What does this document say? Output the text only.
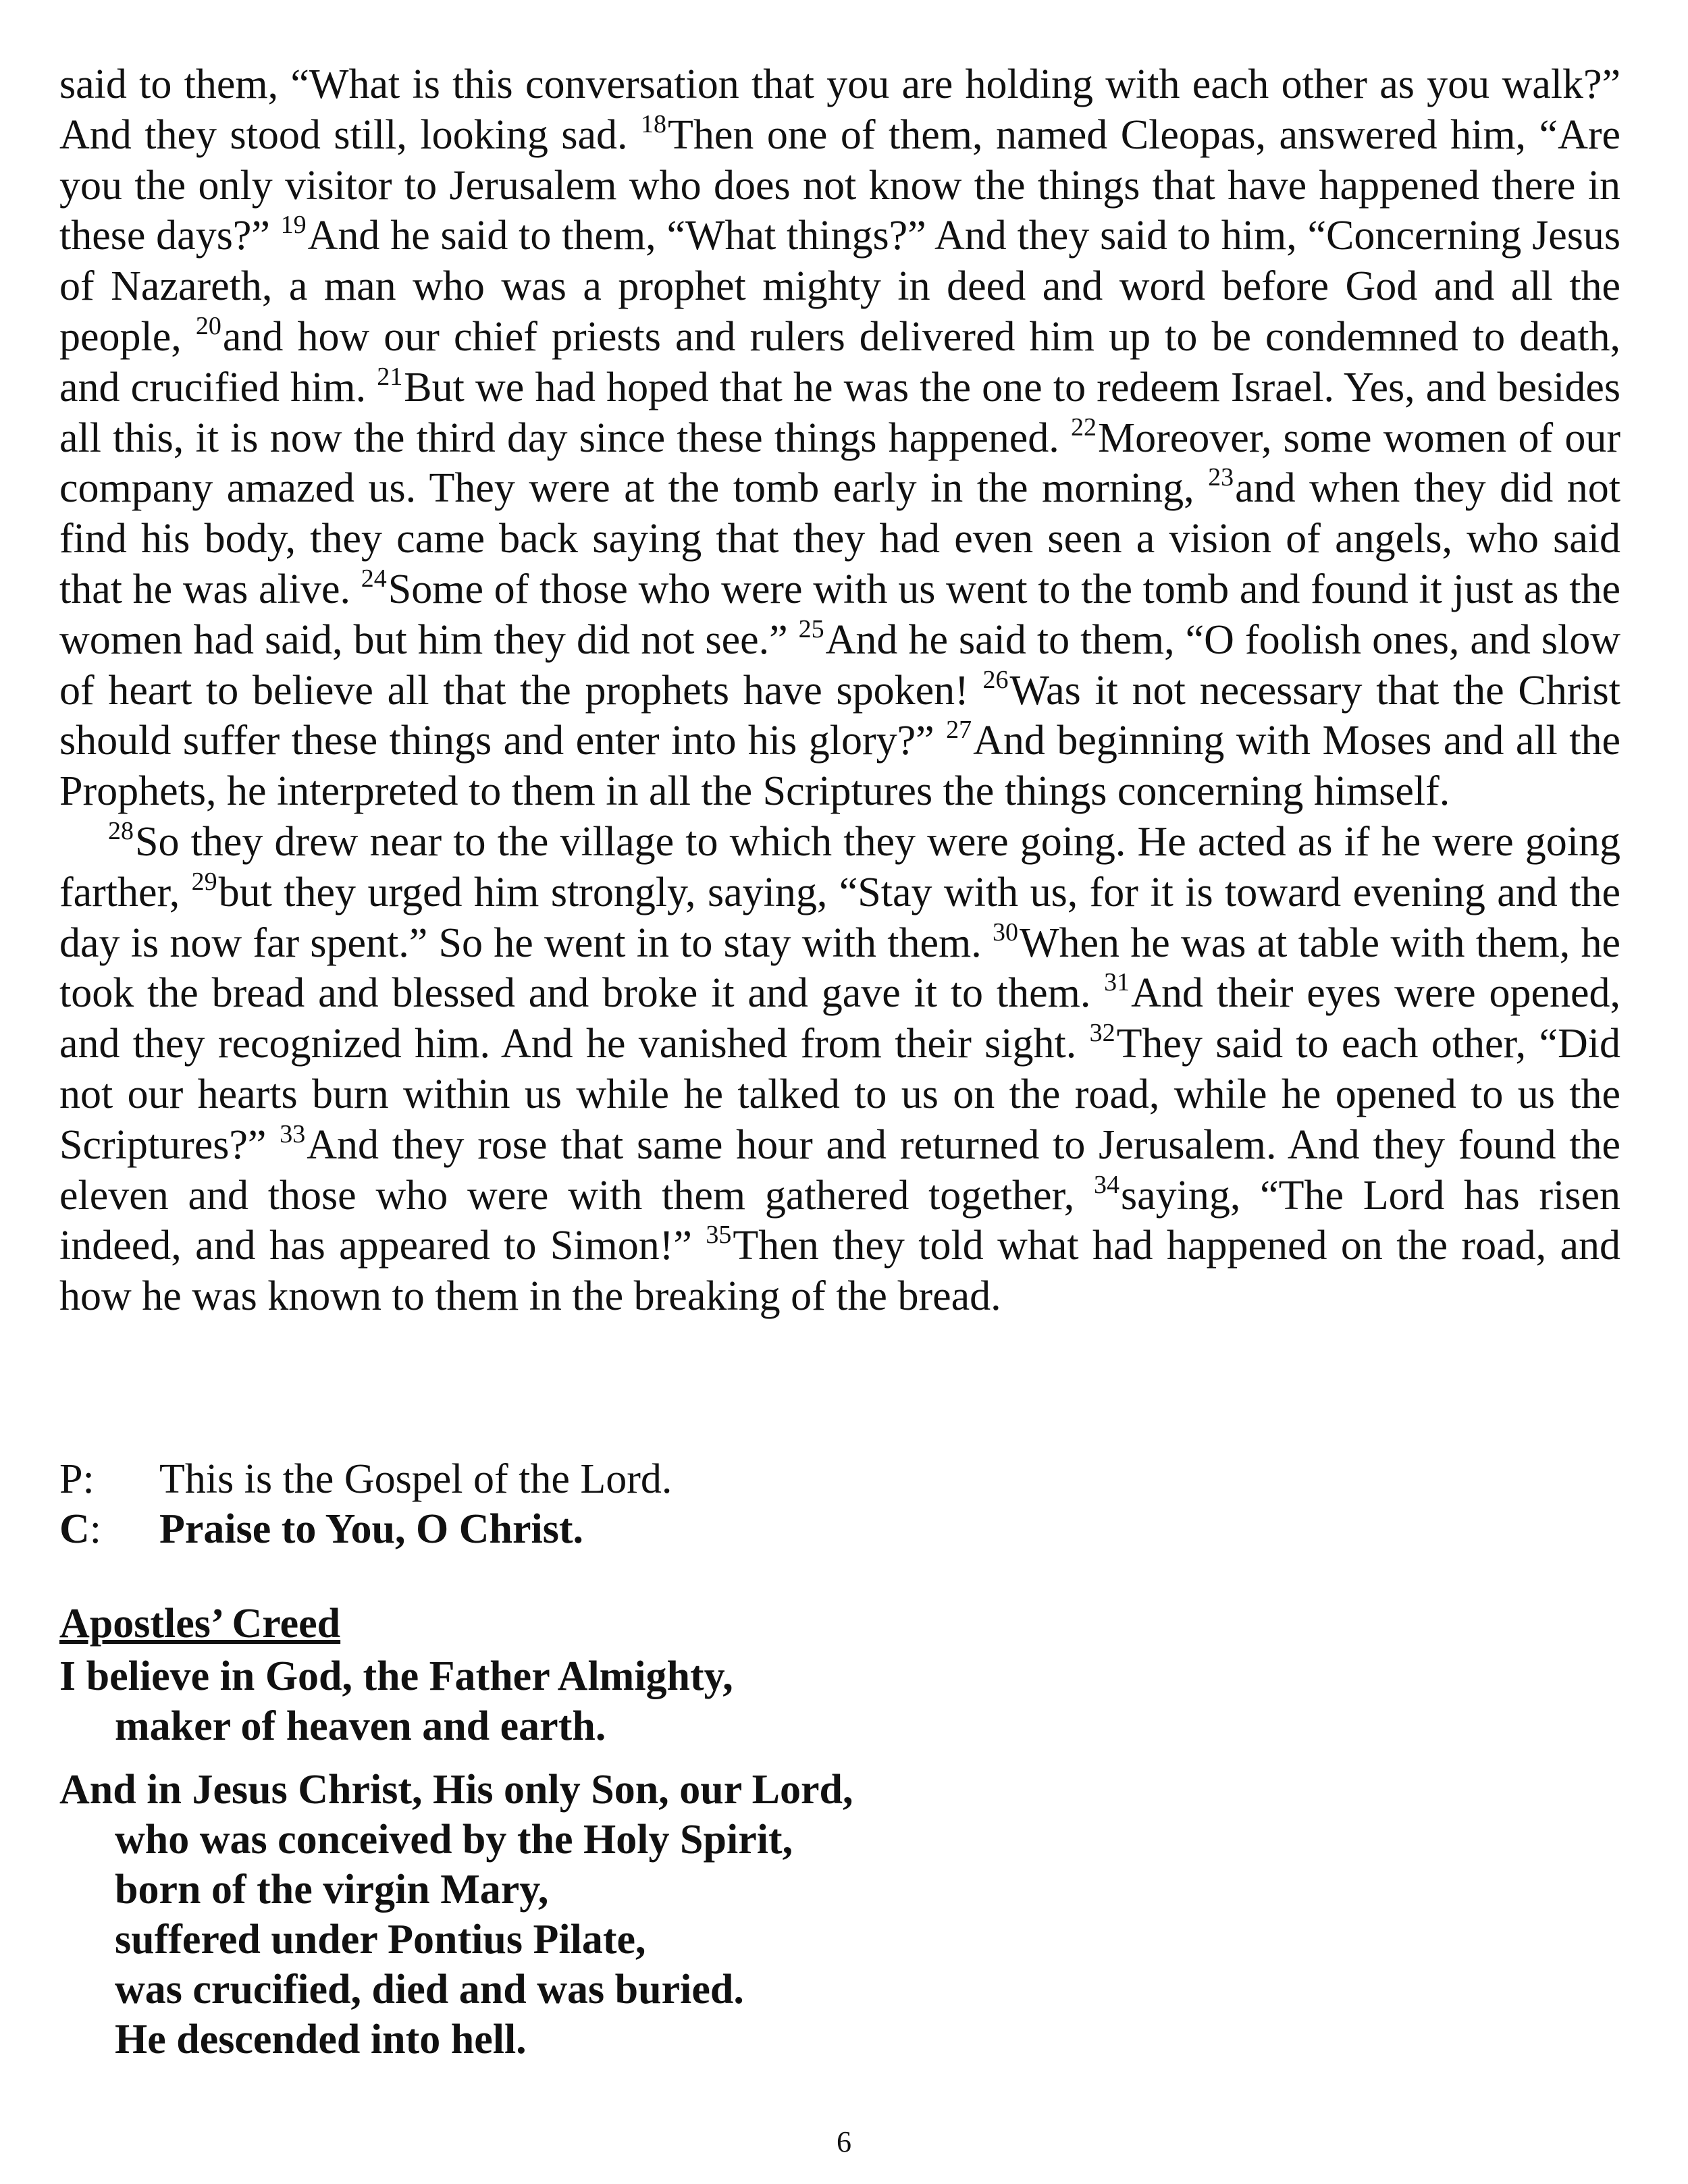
said to them, “What is this conversation that you are holding with each other as you walk?” And they stood still, looking sad. $^{18}$Then one of them, named Cleopas, answered him, “Are you the only visitor to Jerusalem who does not know the things that have happened there in these days?” $^{19}$And he said to them, “What things?” And they said to him, “Concerning Jesus of Nazareth, a man who was a prophet mighty in deed and word before God and all the people, $^{20}$and how our chief priests and rulers delivered him up to be condemned to death, and crucified him. $^{21}$But we had hoped that he was the one to redeem Israel. Yes, and besides all this, it is now the third day since these things happened. $^{22}$Moreover, some women of our company amazed us. They were at the tomb early in the morning, $^{23}$and when they did not find his body, they came back saying that they had even seen a vision of angels, who said that he was alive. $^{24}$Some of those who were with us went to the tomb and found it just as the women had said, but him they did not see.” $^{25}$And he said to them, “O foolish ones, and slow of heart to believe all that the prophets have spoken! $^{26}$Was it not necessary that the Christ should suffer these things and enter into his glory?” $^{27}$And beginning with Moses and all the Prophets, he interpreted to them in all the Scriptures the things concerning himself.

$^{28}$So they drew near to the village to which they were going. He acted as if he were going farther, $^{29}$but they urged him strongly, saying, “Stay with us, for it is toward evening and the day is now far spent.” So he went in to stay with them. $^{30}$When he was at table with them, he took the bread and blessed and broke it and gave it to them. $^{31}$And their eyes were opened, and they recognized him. And he vanished from their sight. $^{32}$They said to each other, “Did not our hearts burn within us while he talked to us on the road, while he opened to us the Scriptures?” $^{33}$And they rose that same hour and returned to Jerusalem. And they found the eleven and those who were with them gathered together, $^{34}$saying, “The Lord has risen indeed, and has appeared to Simon!” $^{35}$Then they told what had happened on the road, and how he was known to them in the breaking of the bread.

P: This is the Gospel of the Lord.
C: Praise to You, O Christ.
Apostles’ Creed
I believe in God, the Father Almighty,
maker of heaven and earth.
And in Jesus Christ, His only Son, our Lord,
who was conceived by the Holy Spirit,
born of the virgin Mary,
suffered under Pontius Pilate,
was crucified, died and was buried.
He descended into hell.
6
